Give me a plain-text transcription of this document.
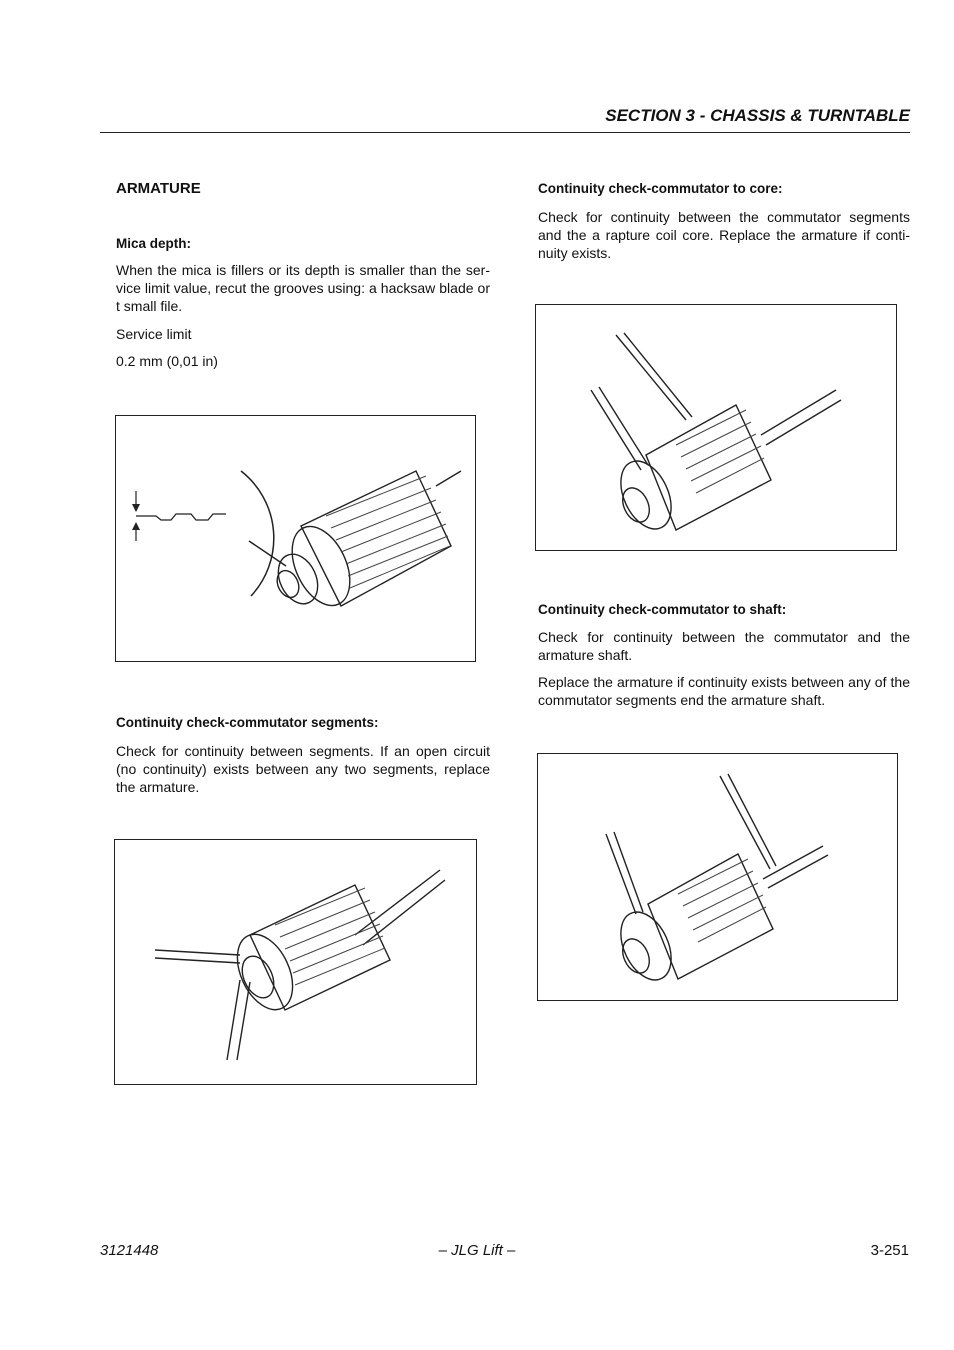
SECTION 3 - CHASSIS & TURNTABLE
ARMATURE
Mica depth:

When the mica is fillers or its depth is smaller than the ser-vice limit value, recut the grooves using: a hacksaw blade or t small file.

Service limit

0.2 mm (0,01 in)

Continuity check-commutator segments:

Check for continuity between segments. If an open circuit (no continuity) exists between any two segments, replace the armature.

Continuity check-commutator to core:

Check for continuity between the commutator segments and the a rapture coil core. Replace the armature if conti-nuity exists.

Continuity check-commutator to shaft:

Check for continuity between the commutator and the armature shaft.

Replace the armature if continuity exists between any of the commutator segments end the armature shaft.

3121448	– JLG Lift –	3-251
